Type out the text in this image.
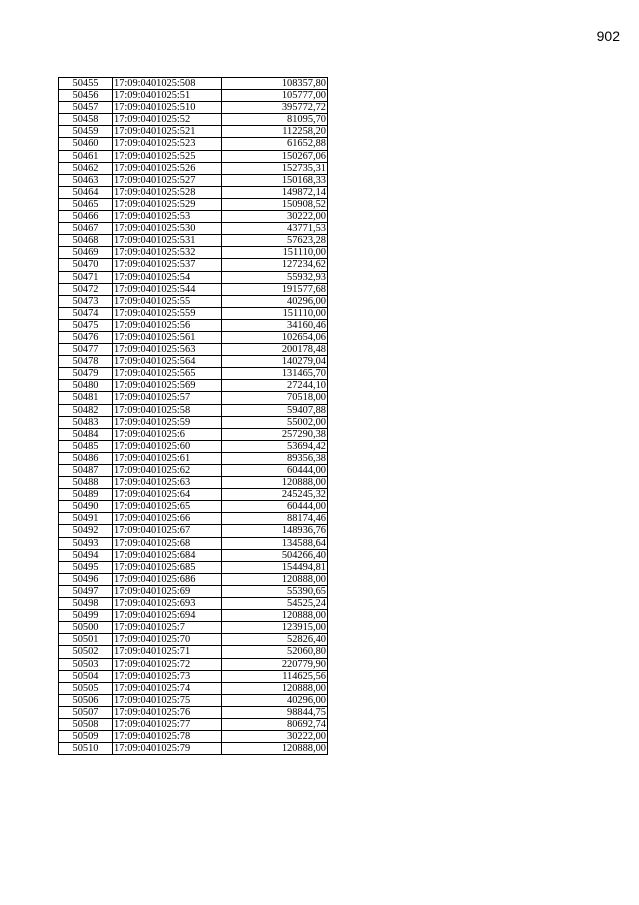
902
50455	17:09:0401025:508	108357,80
50456	17:09:0401025:51	105777,00
50457	17:09:0401025:510	395772,72
50458	17:09:0401025:52	81095,70
50459	17:09:0401025:521	112258,20
50460	17:09:0401025:523	61652,88
50461	17:09:0401025:525	150267,06
50462	17:09:0401025:526	152735,31
50463	17:09:0401025:527	150168,33
50464	17:09:0401025:528	149872,14
50465	17:09:0401025:529	150908,52
50466	17:09:0401025:53	30222,00
50467	17:09:0401025:530	43771,53
50468	17:09:0401025:531	57623,28
50469	17:09:0401025:532	151110,00
50470	17:09:0401025:537	127234,62
50471	17:09:0401025:54	55932,93
50472	17:09:0401025:544	191577,68
50473	17:09:0401025:55	40296,00
50474	17:09:0401025:559	151110,00
50475	17:09:0401025:56	34160,46
50476	17:09:0401025:561	102654,06
50477	17:09:0401025:563	200178,48
50478	17:09:0401025:564	140279,04
50479	17:09:0401025:565	131465,70
50480	17:09:0401025:569	27244,10
50481	17:09:0401025:57	70518,00
50482	17:09:0401025:58	59407,88
50483	17:09:0401025:59	55002,00
50484	17:09:0401025:6	257290,38
50485	17:09:0401025:60	53694,42
50486	17:09:0401025:61	89356,38
50487	17:09:0401025:62	60444,00
50488	17:09:0401025:63	120888,00
50489	17:09:0401025:64	245245,32
50490	17:09:0401025:65	60444,00
50491	17:09:0401025:66	88174,46
50492	17:09:0401025:67	148936,76
50493	17:09:0401025:68	134588,64
50494	17:09:0401025:684	504266,40
50495	17:09:0401025:685	154494,81
50496	17:09:0401025:686	120888,00
50497	17:09:0401025:69	55390,65
50498	17:09:0401025:693	54525,24
50499	17:09:0401025:694	120888,00
50500	17:09:0401025:7	123915,00
50501	17:09:0401025:70	52826,40
50502	17:09:0401025:71	52060,80
50503	17:09:0401025:72	220779,90
50504	17:09:0401025:73	114625,56
50505	17:09:0401025:74	120888,00
50506	17:09:0401025:75	40296,00
50507	17:09:0401025:76	98844,75
50508	17:09:0401025:77	80692,74
50509	17:09:0401025:78	30222,00
50510	17:09:0401025:79	120888,00
